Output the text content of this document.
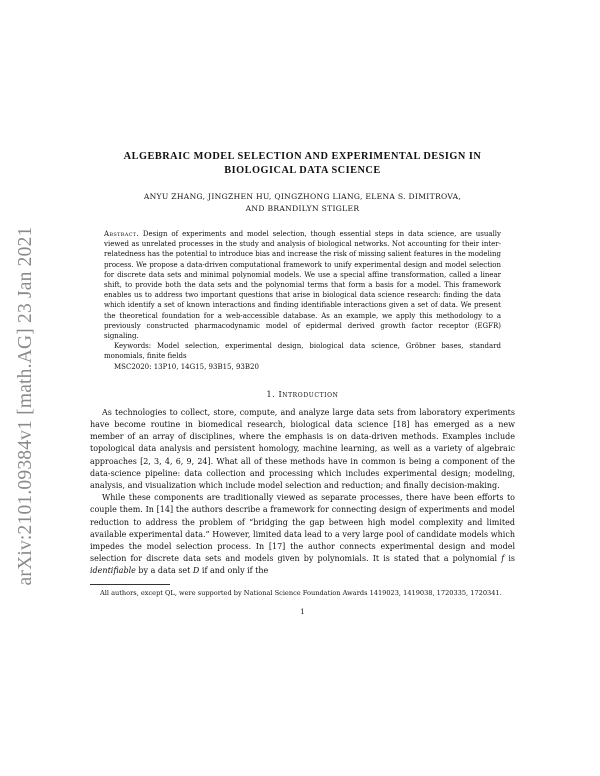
arXiv:2101.09384v1 [math.AG] 23 Jan 2021
ALGEBRAIC MODEL SELECTION AND EXPERIMENTAL DESIGN IN
BIOLOGICAL DATA SCIENCE
ANYU ZHANG, JINGZHEN HU, QINGZHONG LIANG, ELENA S. DIMITROVA,
AND BRANDILYN STIGLER
Abstract. Design of experiments and model selection, though essential steps in data science, are usually viewed as unrelated processes in the study and analysis of biological networks. Not accounting for their inter-relatedness has the potential to introduce bias and increase the risk of missing salient features in the modeling process. We propose a data-driven computational framework to unify experimental design and model selection for discrete data sets and minimal polynomial models. We use a special affine transformation, called a linear shift, to provide both the data sets and the polynomial terms that form a basis for a model. This framework enables us to address two important questions that arise in biological data science research: finding the data which identify a set of known interactions and finding identifiable interactions given a set of data. We present the theoretical foundation for a web-accessible database. As an example, we apply this methodology to a previously constructed pharmacodynamic model of epidermal derived growth factor receptor (EGFR) signaling.
Keywords: Model selection, experimental design, biological data science, Gröbner bases, standard monomials, finite fields
MSC2020: 13P10, 14G15, 93B15, 93B20
1. Introduction

As technologies to collect, store, compute, and analyze large data sets from laboratory experiments have become routine in biomedical research, biological data science [18] has emerged as a new member of an array of disciplines, where the emphasis is on data-driven methods. Examples include topological data analysis and persistent homology, machine learning, as well as a variety of algebraic approaches [2, 3, 4, 6, 9, 24]. What all of these methods have in common is being a component of the data-science pipeline: data collection and processing which includes experimental design; modeling, analysis, and visualization which include model selection and reduction; and finally decision-making.

While these components are traditionally viewed as separate processes, there have been efforts to couple them. In [14] the authors describe a framework for connecting design of experiments and model reduction to address the problem of “bridging the gap between high model complexity and limited available experimental data.” However, limited data lead to a very large pool of candidate models which impedes the model selection process. In [17] the author connects experimental design and model selection for discrete data sets and models given by polynomials. It is stated that a polynomial f is identifiable by a data set D if and only if the

All authors, except QL, were supported by National Science Foundation Awards 1419023, 1419038, 1720335, 1720341.
1
